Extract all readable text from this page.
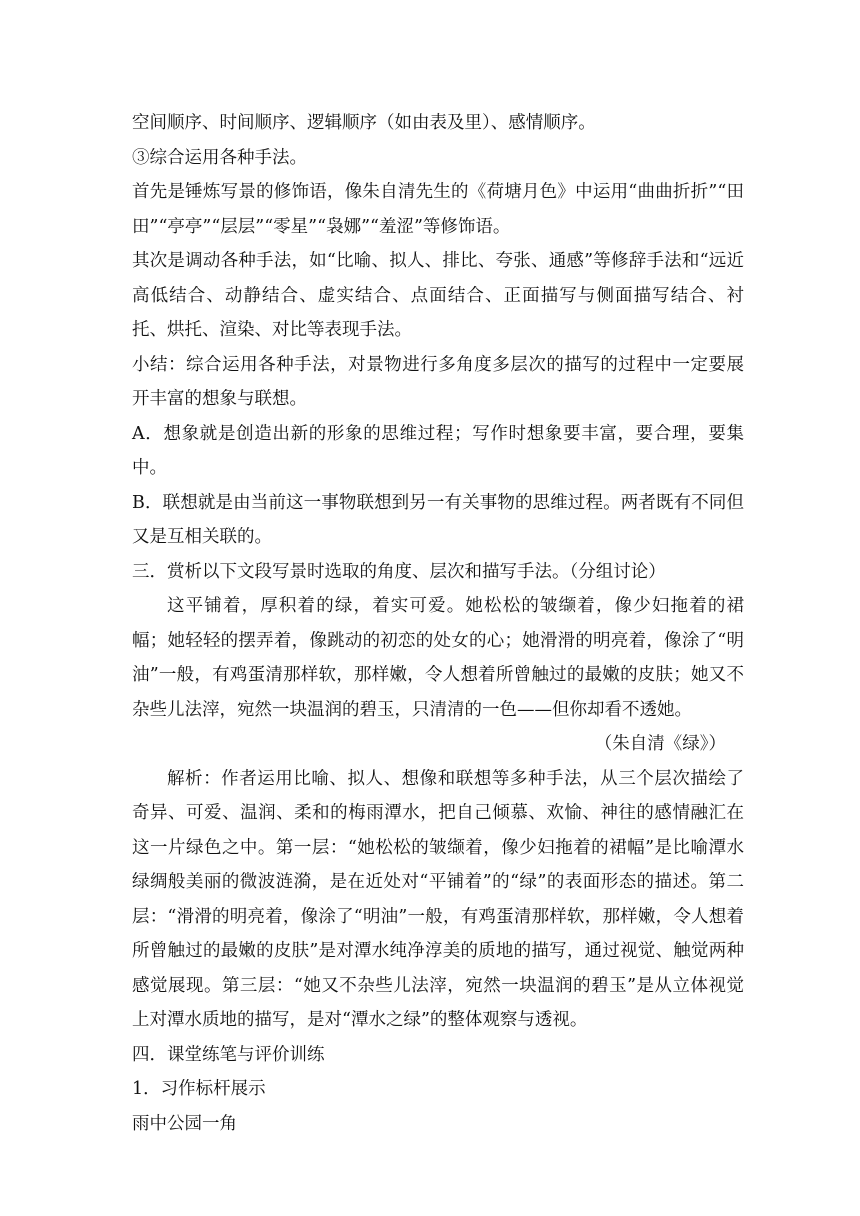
空间顺序、时间顺序、逻辑顺序（如由表及里）、感情顺序。

③综合运用各种手法。

首先是锤炼写景的修饰语，像朱自清先生的《荷塘月色》中运用“曲曲折折”“田田”“亭亭”“层层”“零星”“袅娜”“羞涩”等修饰语。

其次是调动各种手法，如“比喻、拟人、排比、夸张、通感”等修辞手法和“远近高低结合、动静结合、虚实结合、点面结合、正面描写与侧面描写结合、衬托、烘托、渲染、对比等表现手法。

小结：综合运用各种手法，对景物进行多角度多层次的描写的过程中一定要展开丰富的想象与联想。

A．想象就是创造出新的形象的思维过程；写作时想象要丰富，要合理，要集中。

B．联想就是由当前这一事物联想到另一有关事物的思维过程。两者既有不同但又是互相关联的。

三．赏析以下文段写景时选取的角度、层次和描写手法。（分组讨论）

这平铺着，厚积着的绿，着实可爱。她松松的皱缬着，像少妇拖着的裙幅；她轻轻的摆弄着，像跳动的初恋的处女的心；她滑滑的明亮着，像涂了“明油”一般，有鸡蛋清那样软，那样嫩，令人想着所曾触过的最嫩的皮肤；她又不杂些儿法滓，宛然一块温润的碧玉，只清清的一色——但你却看不透她。

（朱自清《绿》）

解析：作者运用比喻、拟人、想像和联想等多种手法，从三个层次描绘了奇异、可爱、温润、柔和的梅雨潭水，把自己倾慕、欢愉、神往的感情融汇在这一片绿色之中。第一层：“她松松的皱缬着，像少妇拖着的裙幅”是比喻潭水绿绸般美丽的微波涟漪，是在近处对“平铺着”的“绿”的表面形态的描述。第二层：“滑滑的明亮着，像涂了“明油”一般，有鸡蛋清那样软，那样嫩，令人想着所曾触过的最嫩的皮肤”是对潭水纯净淳美的质地的描写，通过视觉、触觉两种感觉展现。第三层：“她又不杂些儿法滓，宛然一块温润的碧玉”是从立体视觉上对潭水质地的描写，是对“潭水之绿”的整体观察与透视。

四．课堂练笔与评价训练

1．习作标杆展示

雨中公园一角
